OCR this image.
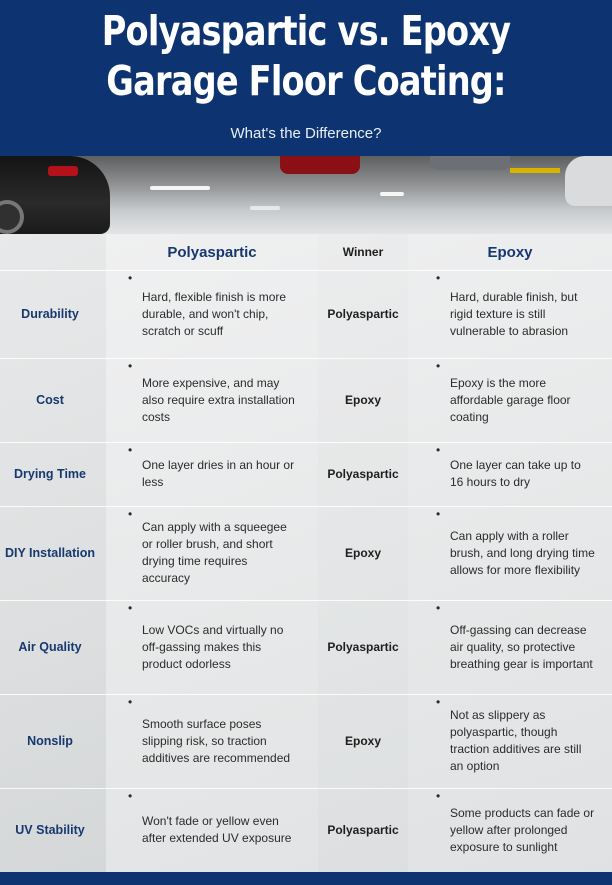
Polyaspartic vs. Epoxy
Garage Floor Coating:
What's the Difference?
Polyaspartic	Winner	Epoxy
Durability
•
Hard, flexible finish is more durable, and won't chip, scratch or scuff
Polyaspartic
•
Hard, durable finish, but rigid texture is still vulnerable to abrasion
Cost
•
More expensive, and may also require extra installation costs
Epoxy
•
Epoxy is the more affordable garage floor coating
Drying Time
•
One layer dries in an hour or less
Polyaspartic
•
One layer can take up to 16 hours to dry
DIY Installation
•
Can apply with a squeegee or roller brush, and short drying time requires accuracy
Epoxy
•
Can apply with a roller brush, and long drying time allows for more flexibility
Air Quality
•
Low VOCs and virtually no off-gassing makes this product odorless
Polyaspartic
•
Off-gassing can decrease air quality, so protective breathing gear is important
Nonslip
•
Smooth surface poses slipping risk, so traction additives are recommended
Epoxy
•
Not as slippery as polyaspartic, though traction additives are still an option
UV Stability
•
Won't fade or yellow even after extended UV exposure
Polyaspartic
•
Some products can fade or yellow after prolonged exposure to sunlight
